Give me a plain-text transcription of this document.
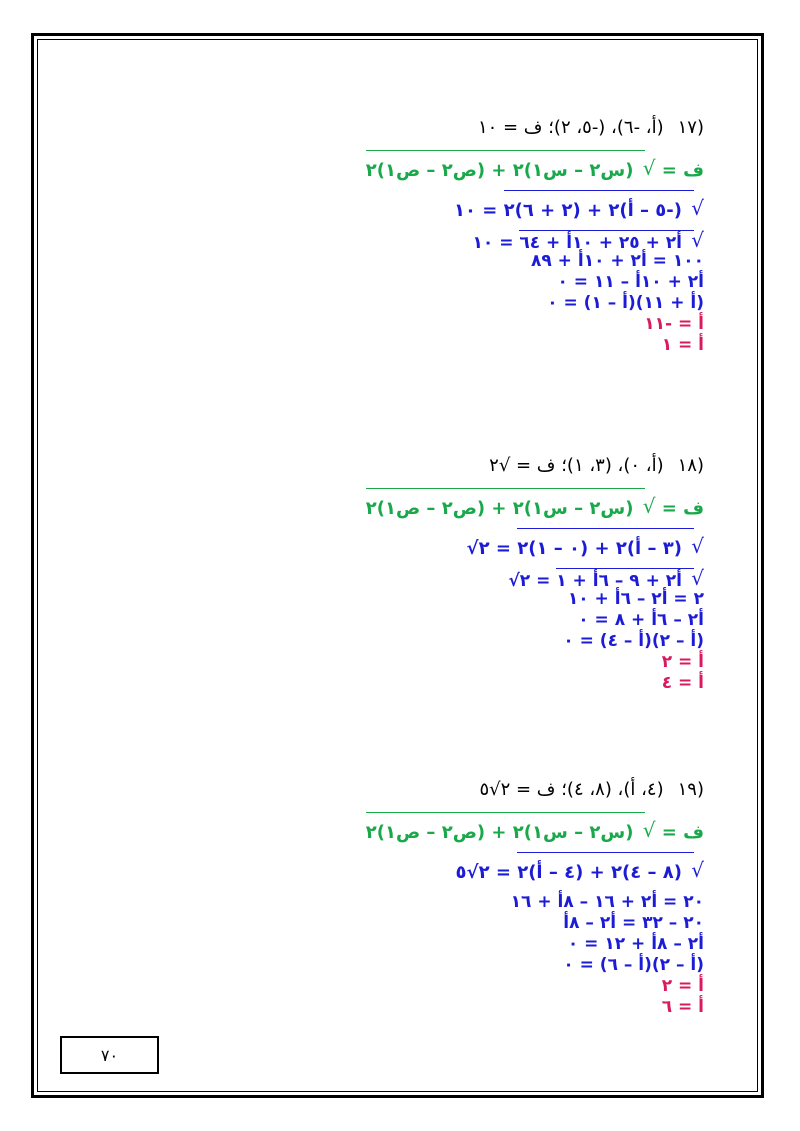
(١٧(أ، -٦)، (-٥، ٢)؛ ف = ١٠
ف =
√
(س٢ – س١)٢ + (ص٢ – ص١)٢
١٠ =	√
(-٥ – أ)٢ + (٢ + ٦)٢
١٠ =	√
أ٢ + ٢٥ + ١٠أ + ٦٤
١٠٠ = أ٢ + ١٠أ + ٨٩
أ٢ + ١٠أ – ١١ = ٠
(أ + ١١)(أ – ١) = ٠
أ = -١١
أ = ١
(١٨(أ، ٠)، (٣، ١)؛ ف = √٢
ف =
√
(س٢ – س١)٢ + (ص٢ – ص١)٢
√٢ =	√
(٣ – أ)٢ + (٠ – ١)٢
√٢ =	√
أ٢ + ٩ – ٦أ + ١
٢ = أ٢ – ٦أ + ١٠
أ٢ – ٦أ + ٨ = ٠
(أ – ٢)(أ – ٤) = ٠
أ = ٢
أ = ٤
(١٩(٤، أ)، (٨، ٤)؛ ف = ٢√٥
ف =
√
(س٢ – س١)٢ + (ص٢ – ص١)٢
٢√٥ =	√
(٨ – ٤)٢ + (٤ – أ)٢
٢٠ = أ٢ + ١٦ – ٨أ + ١٦
٢٠ – ٣٢ = أ٢ – ٨أ
أ٢ – ٨أ + ١٢ = ٠
(أ – ٢)(أ – ٦) = ٠
أ = ٢
أ = ٦
٧٠
